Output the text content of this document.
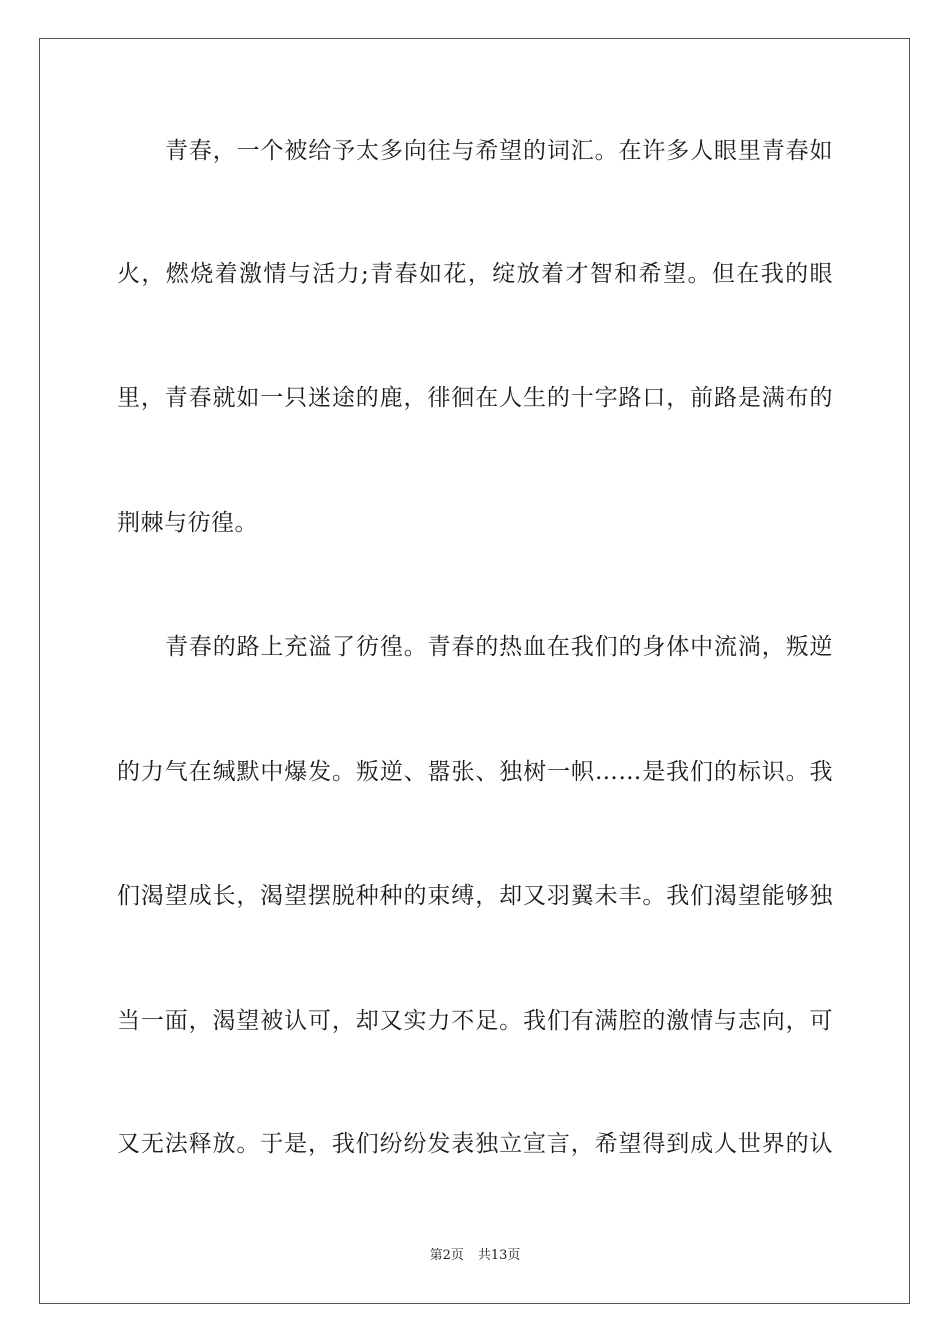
青春，一个被给予太多向往与希望的词汇。在许多人眼里青春如
火，燃烧着激情与活力;青春如花，绽放着才智和希望。但在我的眼
里，青春就如一只迷途的鹿，徘徊在人生的十字路口，前路是满布的
荆棘与彷徨。
青春的路上充溢了彷徨。青春的热血在我们的身体中流淌，叛逆
的力气在缄默中爆发。叛逆、嚣张、独树一帜……是我们的标识。我
们渴望成长，渴望摆脱种种的束缚，却又羽翼未丰。我们渴望能够独
当一面，渴望被认可，却又实力不足。我们有满腔的激情与志向，可
又无法释放。于是，我们纷纷发表独立宣言，希望得到成人世界的认
第2页 共13页
